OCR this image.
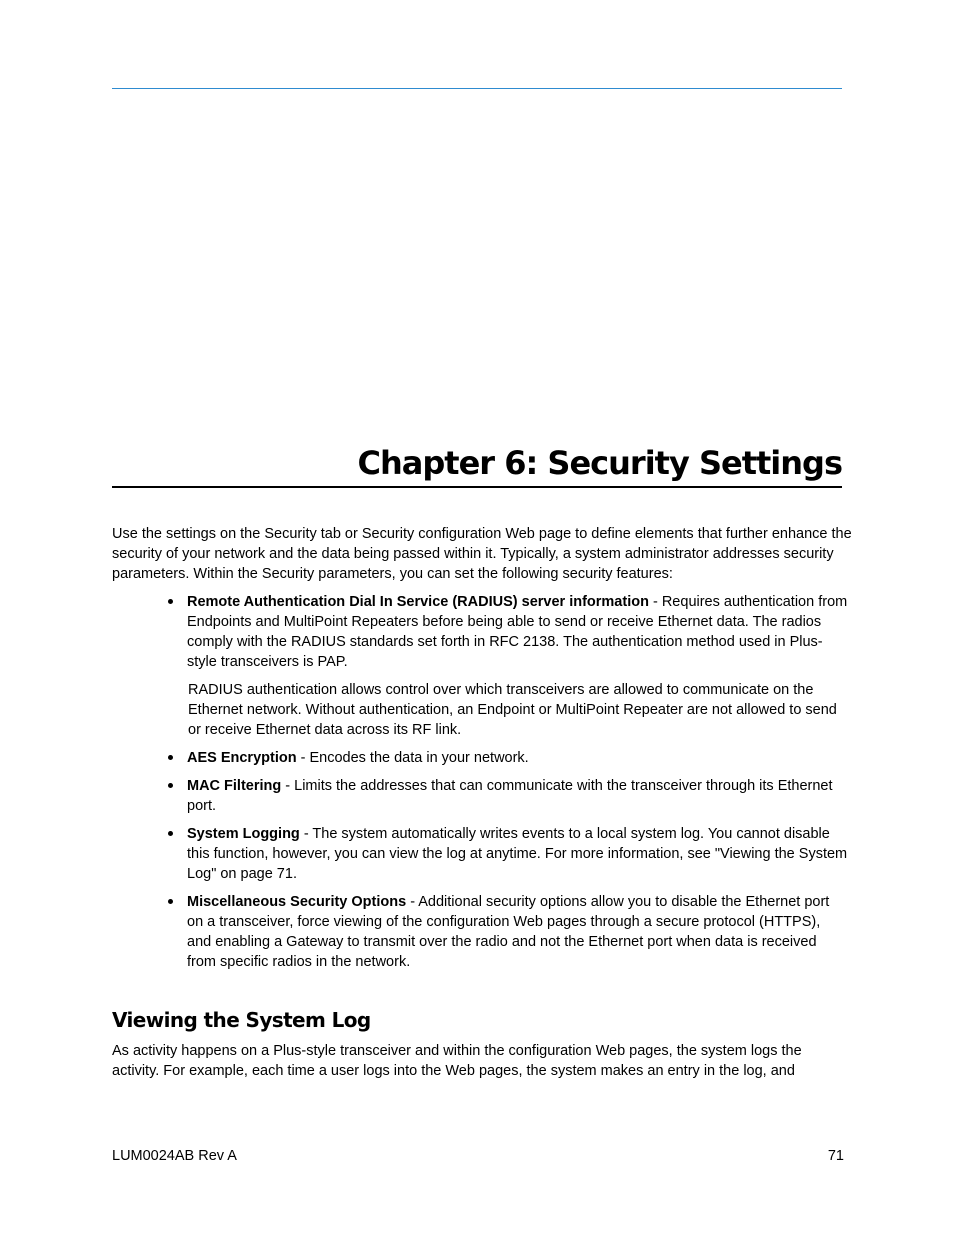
Chapter 6: Security Settings

Use the settings on the Security tab or Security configuration Web page to define elements that further enhance the security of your network and the data being passed within it. Typically, a system administrator addresses security parameters. Within the Security parameters, you can set the following security features:

Remote Authentication Dial In Service (RADIUS) server information - Requires authentication from Endpoints and MultiPoint Repeaters before being able to send or receive Ethernet data. The radios comply with the RADIUS standards set forth in RFC 2138. The authentication method used in Plus-style transceivers is PAP.

RADIUS authentication allows control over which transceivers are allowed to communicate on the Ethernet network. Without authentication, an Endpoint or MultiPoint Repeater are not allowed to send or receive Ethernet data across its RF link.

AES Encryption - Encodes the data in your network.
MAC Filtering - Limits the addresses that can communicate with the transceiver through its Ethernet port.
System Logging - The system automatically writes events to a local system log. You cannot disable this function, however, you can view the log at anytime. For more information, see "Viewing the System Log" on page 71.
Miscellaneous Security Options - Additional security options allow you to disable the Ethernet port on a transceiver, force viewing of the configuration Web pages through a secure protocol (HTTPS), and enabling a Gateway to transmit over the radio and not the Ethernet port when data is received from specific radios in the network.
Viewing the System Log

As activity happens on a Plus-style transceiver and within the configuration Web pages, the system logs the activity. For example, each time a user logs into the Web pages, the system makes an entry in the log, and

LUM0024AB Rev A	71
